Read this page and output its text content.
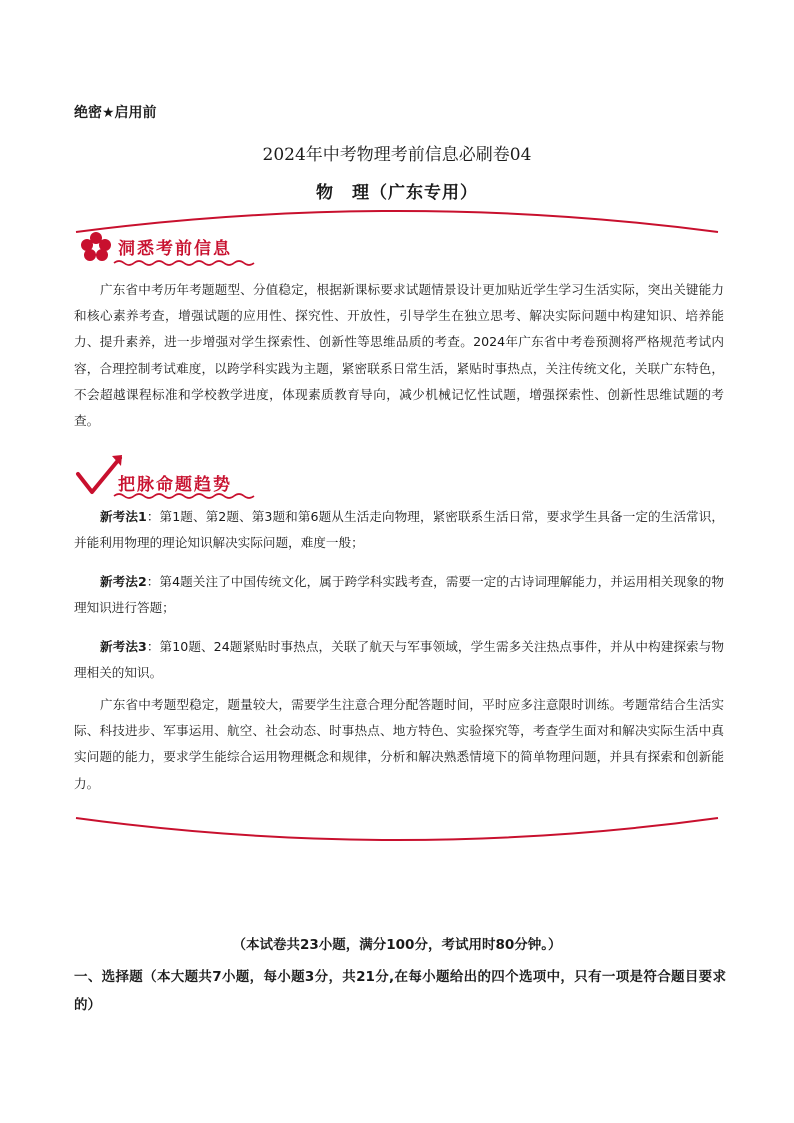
绝密★启用前
2024年中考物理考前信息必刷卷04
物　理（广东专用）
洞悉考前信息
广东省中考历年考题题型、分值稳定，根据新课标要求试题情景设计更加贴近学生学习生活实际，突出关键能力和核心素养考查，增强试题的应用性、探究性、开放性，引导学生在独立思考、解决实际问题中构建知识、培养能力、提升素养，进一步增强对学生探索性、创新性等思维品质的考查。2024年广东省中考卷预测将严格规范考试内容，合理控制考试难度，以跨学科实践为主题，紧密联系日常生活，紧贴时事热点，关注传统文化，关联广东特色，不会超越课程标准和学校教学进度，体现素质教育导向，减少机械记忆性试题，增强探索性、创新性思维试题的考查。
把脉命题趋势
新考法1：第1题、第2题、第3题和第6题从生活走向物理，紧密联系生活日常，要求学生具备一定的生活常识，并能利用物理的理论知识解决实际问题，难度一般；
新考法2：第4题关注了中国传统文化，属于跨学科实践考查，需要一定的古诗词理解能力，并运用相关现象的物理知识进行答题；
新考法3：第10题、24题紧贴时事热点，关联了航天与军事领域，学生需多关注热点事件，并从中构建探索与物理相关的知识。
广东省中考题型稳定，题量较大，需要学生注意合理分配答题时间，平时应多注意限时训练。考题常结合生活实际、科技进步、军事运用、航空、社会动态、时事热点、地方特色、实验探究等，考查学生面对和解决实际生活中真实问题的能力，要求学生能综合运用物理概念和规律，分析和解决熟悉情境下的简单物理问题，并具有探索和创新能力。
（本试卷共23小题，满分100分，考试用时80分钟。）
一、选择题（本大题共7小题，每小题3分，共21分,在每小题给出的四个选项中，只有一项是符合题目要求的）
